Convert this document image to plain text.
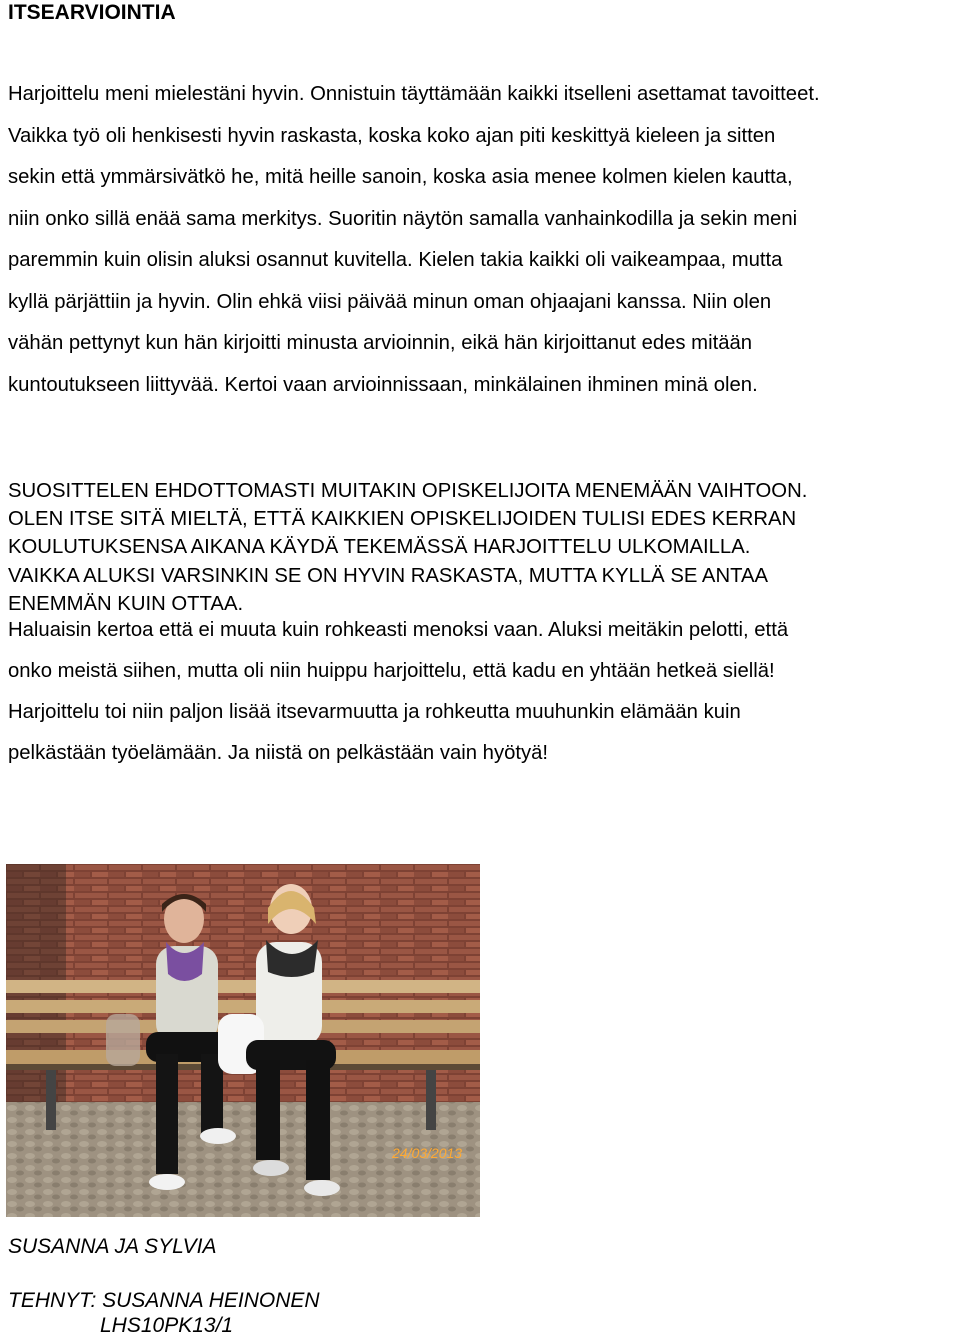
ITSEARVIOINTIA

Harjoittelu meni mielestäni hyvin. Onnistuin täyttämään kaikki itselleni asettamat tavoitteet.
Vaikka työ oli henkisesti hyvin raskasta, koska koko ajan piti keskittyä kieleen ja sitten
sekin että ymmärsivätkö he, mitä heille sanoin, koska asia menee kolmen kielen kautta,
niin onko sillä enää sama merkitys. Suoritin näytön samalla vanhainkodilla ja sekin meni
paremmin kuin olisin aluksi osannut kuvitella. Kielen takia kaikki oli vaikeampaa, mutta
kyllä pärjättiin ja hyvin. Olin ehkä viisi päivää minun oman ohjaajani kanssa. Niin olen
vähän pettynyt kun hän kirjoitti minusta arvioinnin, eikä hän kirjoittanut edes mitään
kuntoutukseen liittyvää. Kertoi vaan arvioinnissaan, minkälainen ihminen minä olen.

SUOSITTELEN EHDOTTOMASTI MUITAKIN OPISKELIJOITA MENEMÄÄN VAIHTOON.
OLEN ITSE SITÄ MIELTÄ, ETTÄ KAIKKIEN OPISKELIJOIDEN TULISI EDES KERRAN
KOULUTUKSENSA AIKANA KÄYDÄ TEKEMÄSSÄ HARJOITTELU ULKOMAILLA.
VAIKKA ALUKSI VARSINKIN SE ON HYVIN RASKASTA, MUTTA KYLLÄ SE ANTAA
ENEMMÄN KUIN OTTAA.

Haluaisin kertoa että ei muuta kuin rohkeasti menoksi vaan. Aluksi meitäkin pelotti, että
onko meistä siihen, mutta oli niin huippu harjoittelu, että kadu en yhtään hetkeä siellä!
Harjoittelu toi niin paljon lisää itsevarmuutta ja rohkeutta muuhunkin elämään kuin
pelkästään työelämään. Ja niistä on pelkästään vain hyötyä!

24/03/2013

SUSANNA JA SYLVIA

TEHNYT: SUSANNA HEINONEN

LHS10PK13/1
